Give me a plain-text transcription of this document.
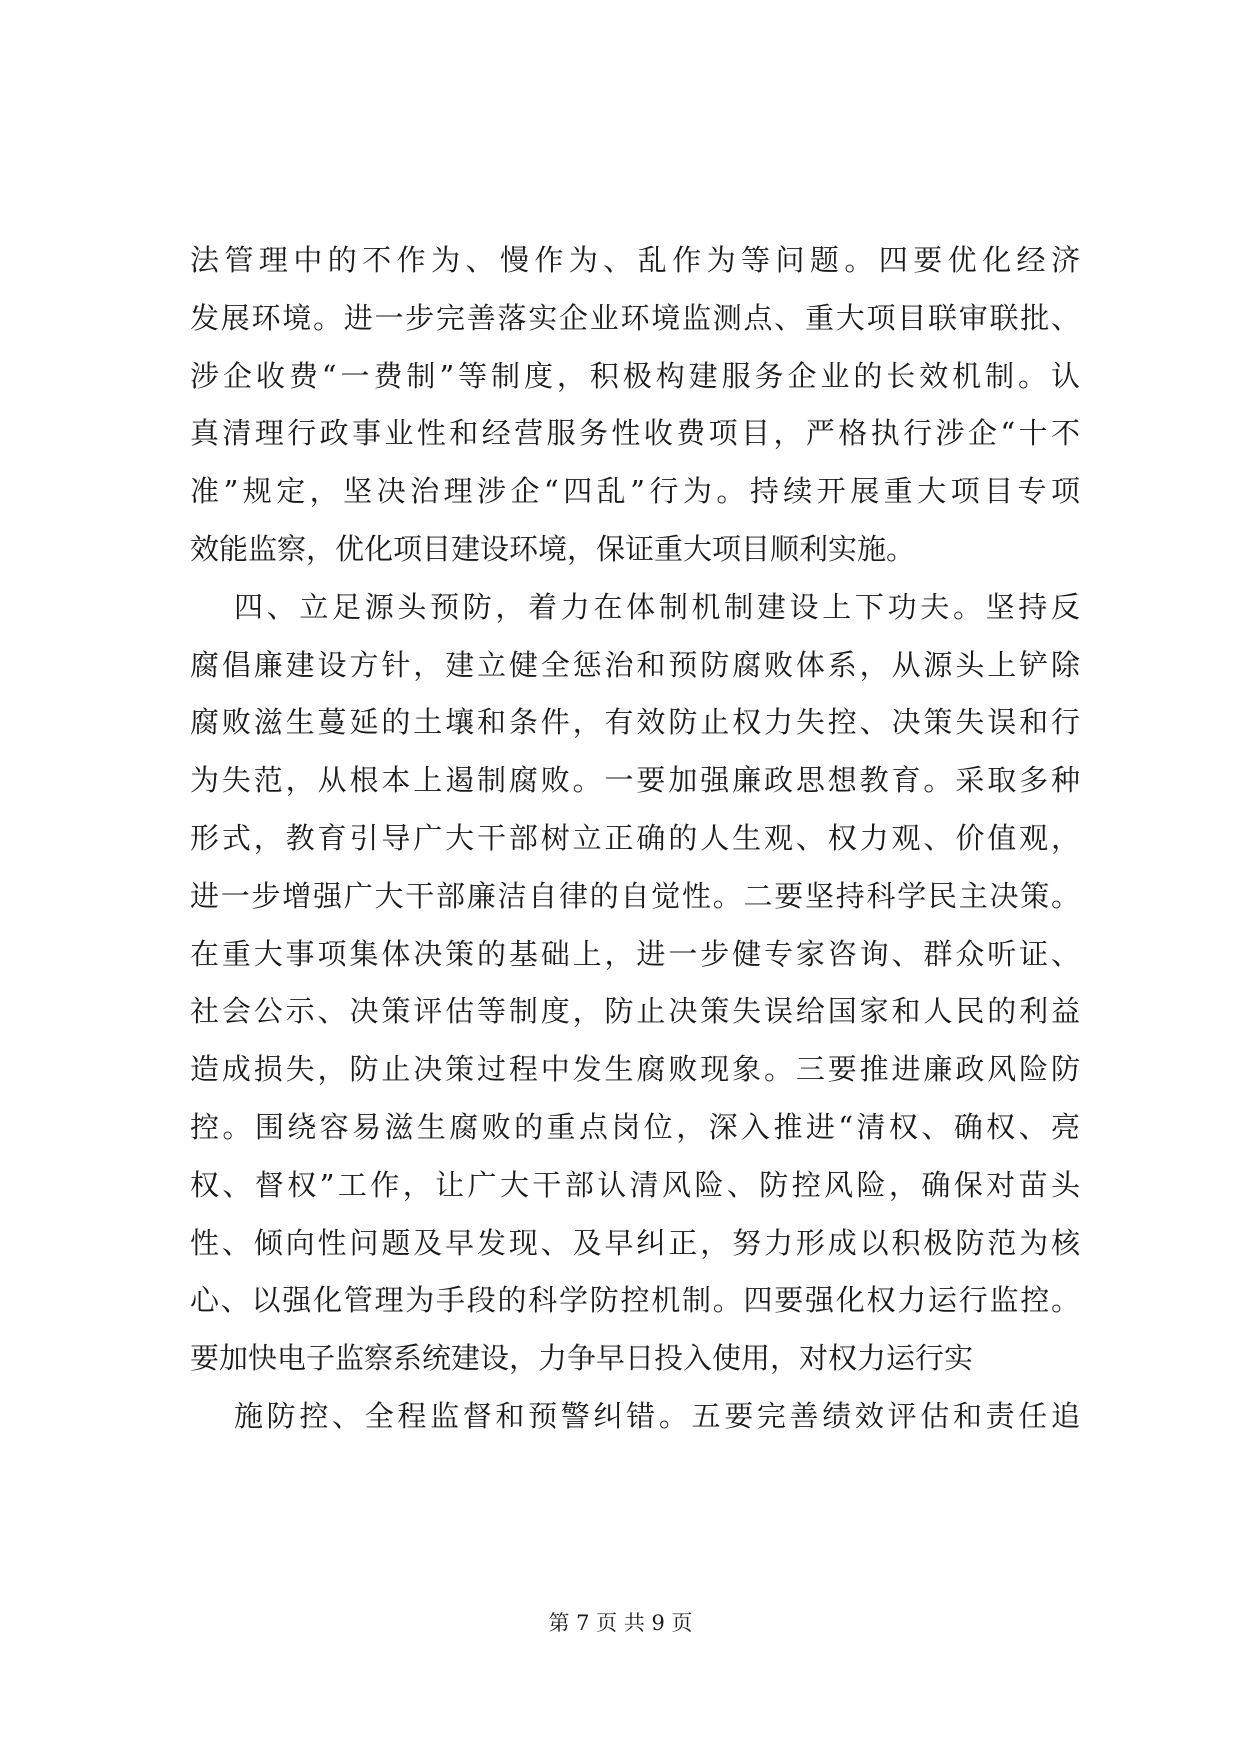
法管理中的不作为、慢作为、乱作为等问题。四要优化经济
发展环境。进一步完善落实企业环境监测点、重大项目联审联批、
涉企收费“一费制”等制度，积极构建服务企业的长效机制。认
真清理行政事业性和经营服务性收费项目，严格执行涉企“十不
准”规定，坚决治理涉企“四乱”行为。持续开展重大项目专项
效能监察，优化项目建设环境，保证重大项目顺利实施。
四、立足源头预防，着力在体制机制建设上下功夫。坚持反
腐倡廉建设方针，建立健全惩治和预防腐败体系，从源头上铲除
腐败滋生蔓延的土壤和条件，有效防止权力失控、决策失误和行
为失范，从根本上遏制腐败。一要加强廉政思想教育。采取多种
形式，教育引导广大干部树立正确的人生观、权力观、价值观，
进一步增强广大干部廉洁自律的自觉性。二要坚持科学民主决策。
在重大事项集体决策的基础上，进一步健专家咨询、群众听证、
社会公示、决策评估等制度，防止决策失误给国家和人民的利益
造成损失，防止决策过程中发生腐败现象。三要推进廉政风险防
控。围绕容易滋生腐败的重点岗位，深入推进“清权、确权、亮
权、督权”工作，让广大干部认清风险、防控风险，确保对苗头
性、倾向性问题及早发现、及早纠正，努力形成以积极防范为核
心、以强化管理为手段的科学防控机制。四要强化权力运行监控。
要加快电子监察系统建设，力争早日投入使用，对权力运行实
施防控、全程监督和预警纠错。五要完善绩效评估和责任追
第 7 页 共 9 页
